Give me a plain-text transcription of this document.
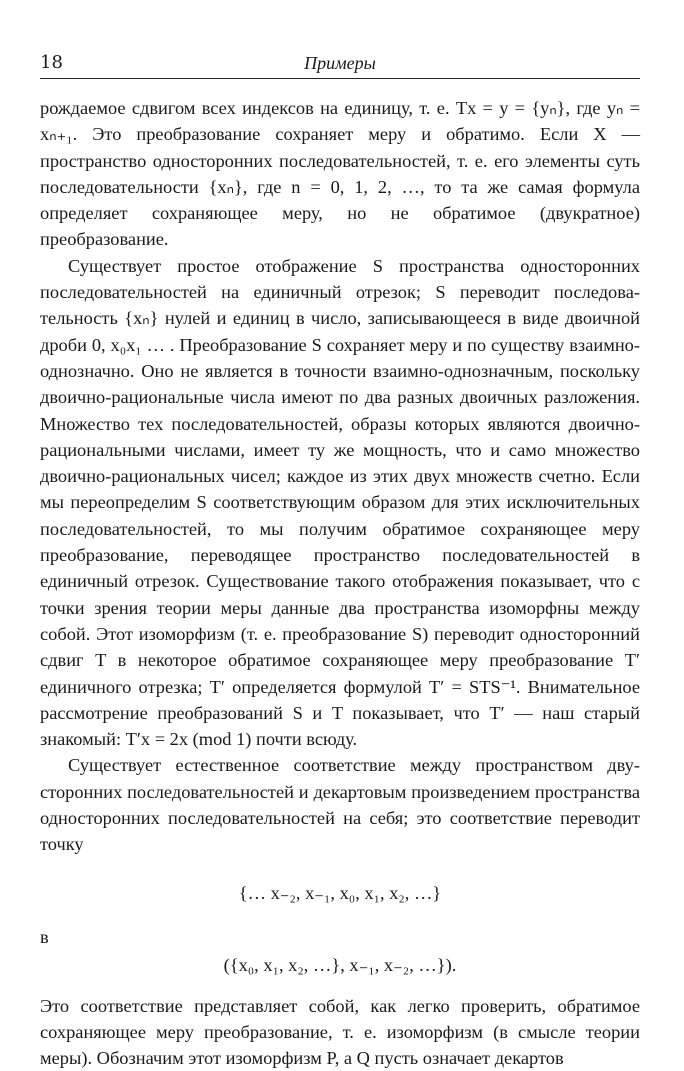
18	Примеры

рождаемое сдвигом всех индексов на единицу, т. е. Tx = y = {yₙ}, где yₙ = xₙ₊₁. Это преобразование сохраняет меру и обратимо. Если X — пространство односторонних последовательностей, т. е. его элементы суть последовательности {xₙ}, где n = 0, 1, 2, …, то та же самая формула определяет сохраняющее меру, но не обратимое (двукратное) преобразование.

Существует простое отображение S пространства односторонних последовательностей на единичный отрезок; S переводит последовательность {xₙ} нулей и единиц в число, записывающееся в виде двоичной дроби 0, x₀x₁ … . Преобразование S сохраняет меру и по существу взаимно-однозначно. Оно не является в точности взаимно-однозначным, поскольку двоично-рациональные числа имеют по два разных двоичных разложения. Множество тех последовательностей, образы которых являются двоично-рациональными числами, имеет ту же мощность, что и само множество двоично-рациональных чисел; каждое из этих двух множеств счетно. Если мы переопределим S соответствующим образом для этих исключительных последовательностей, то мы получим обратимое сохраняющее меру преобразование, переводящее пространство последовательностей в единичный отрезок. Существование такого отображения показывает, что с точки зрения теории меры данные два пространства изоморфны между собой. Этот изоморфизм (т. е. преобразование S) переводит односторонний сдвиг T в некоторое обратимое сохраняющее меру преобразование T′ единичного отрезка; T′ определяется формулой T′ = STS⁻¹. Внимательное рассмотрение преобразований S и T показывает, что T′ — наш старый знакомый: T′x = 2x (mod 1) почти всюду.

Существует естественное соответствие между пространством двусторонних последовательностей и декартовым произведением пространства односторонних последовательностей на себя; это соответствие переводит точку

{… x₋₂, x₋₁, x₀, x₁, x₂, …}

в

({x₀, x₁, x₂, …}, x₋₁, x₋₂, …}).

Это соответствие представляет собой, как легко проверить, обратимое сохраняющее меру преобразование, т. е. изоморфизм (в смысле теории меры). Обозначим этот изоморфизм P, а Q пусть означает декартов
